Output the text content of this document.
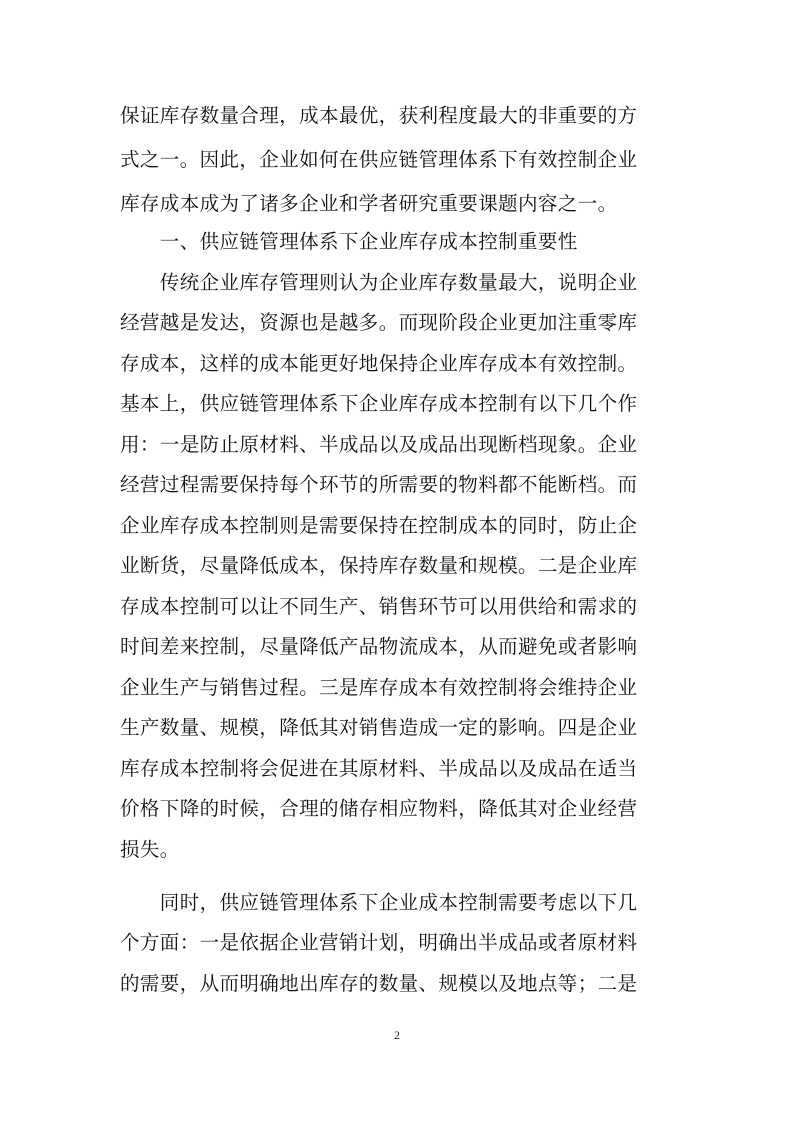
保证库存数量合理，成本最优，获利程度最大的非重要的方
式之一。因此，企业如何在供应链管理体系下有效控制企业
库存成本成为了诸多企业和学者研究重要课题内容之一。
　　一、供应链管理体系下企业库存成本控制重要性
　　传统企业库存管理则认为企业库存数量最大，说明企业
经营越是发达，资源也是越多。而现阶段企业更加注重零库
存成本，这样的成本能更好地保持企业库存成本有效控制。
基本上，供应链管理体系下企业库存成本控制有以下几个作
用：一是防止原材料、半成品以及成品出现断档现象。企业
经营过程需要保持每个环节的所需要的物料都不能断档。而
企业库存成本控制则是需要保持在控制成本的同时，防止企
业断货，尽量降低成本，保持库存数量和规模。二是企业库
存成本控制可以让不同生产、销售环节可以用供给和需求的
时间差来控制，尽量降低产品物流成本，从而避免或者影响
企业生产与销售过程。三是库存成本有效控制将会维持企业
生产数量、规模，降低其对销售造成一定的影响。四是企业
库存成本控制将会促进在其原材料、半成品以及成品在适当
价格下降的时候，合理的储存相应物料，降低其对企业经营
损失。
　　同时，供应链管理体系下企业成本控制需要考虑以下几
个方面：一是依据企业营销计划，明确出半成品或者原材料
的需要，从而明确地出库存的数量、规模以及地点等；二是
2
